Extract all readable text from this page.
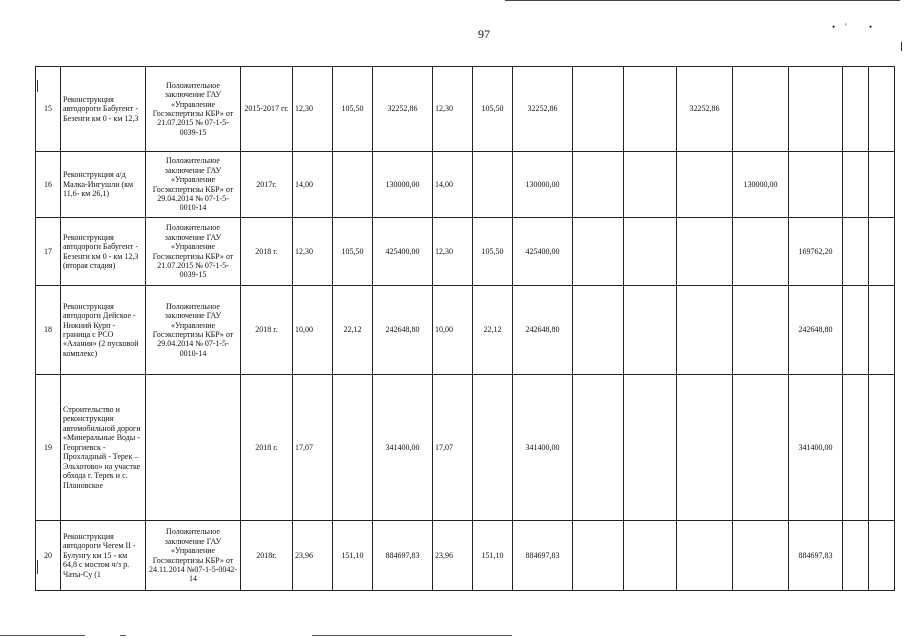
•' •
97
15	Реконструкция автодороги Бабугент - Безенги км 0 - км 12,3	Положительное заключение ГАУ «Управление Госэкспертизы КБР» от 21.07.2015 № 07-1-5-0039-15	2015-2017 гг.	12,30	105,50	32252,86	12,30	105,50	32252,86			32252,86				
16	Реконструкция а/д Малка-Ингушли (км 11,6- км 26,1)	Положительное заключение ГАУ «Управление Госэкспертизы КБР» от 29.04.2014 № 07-1-5-0010-14	2017г.	14,00		130000,00	14,00		130000,00				130000,00			
17	Реконструкция автодороги Бабугент - Безенги км 0 - км 12,3 (вторая стадия)	Положительное заключение ГАУ «Управление Госэкспертизы КБР» от 21.07.2015 № 07-1-5-0039-15	2018 г.	12,30	105,50	425400,00	12,30	105,50	425400,00					169762,20		
18	Реконструкция автодороги Дейское - Нижний Курп - граница с РСО «Алания» (2 пусковой комплекс)	Положительное заключение ГАУ «Управление Госэкспертизы КБР» от 29.04.2014 № 07-1-5-0010-14	2018 г.	10,00	22,12	242648,80	10,00	22,12	242648,80					242648,80		
19	Строительство и реконструкция автомобильной дороги «Минеральные Воды - Георгиевск - Прохладный - Терек – Эльхотово» на участке обхода г. Терек и с. Плановское		2018 г.	17,07		341400,00	17,07		341400,00					341400,00		
20	Реконструкция автодороги Чегем II - Булунгу км 15 - км 64,8 с мостом ч/з р. Чаты-Су (1	Положительное заключение ГАУ «Управление Госэкспертизы КБР» от 24.11.2014 №07-1-5-0042-14	2018г.	23,96	151,10	884697,83	23,96	151,10	884697,83					884697,83		
